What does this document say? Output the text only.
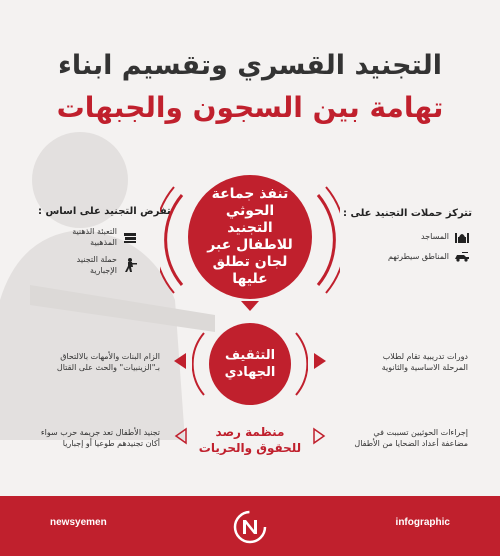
التجنيد القسري وتقسيم ابناء
تهامة بين السجون والجبهات
تفرض التجنيد على اساس :
التعبئة الذهنية
المذهبية
حملة التجنيد
الإجبارية
تتركز حملات التجنيد على :
المساجد
المناطق سيطرتهم
تنفذ جماعة الحوثي التجنيد للاطفال عبر لجان تطلق عليها
التثقيف الجهادي
الزام البنات والأمهات بالالتحاق
بـ"الزينبيات" والحث على القتال
دورات تدريبية تقام لطلاب
المرحلة الاساسية والثانوية
تجنيد الأطفال تعد جريمة حرب سواء
أكان تجنيدهم طوعيا أو إجباريا
إجراءات الحوثيين تسببت في
مضاعفة أعداد الضحايا من الأطفال
منظمة رصد
للحقوق والحريات
newsyemen	infographic
